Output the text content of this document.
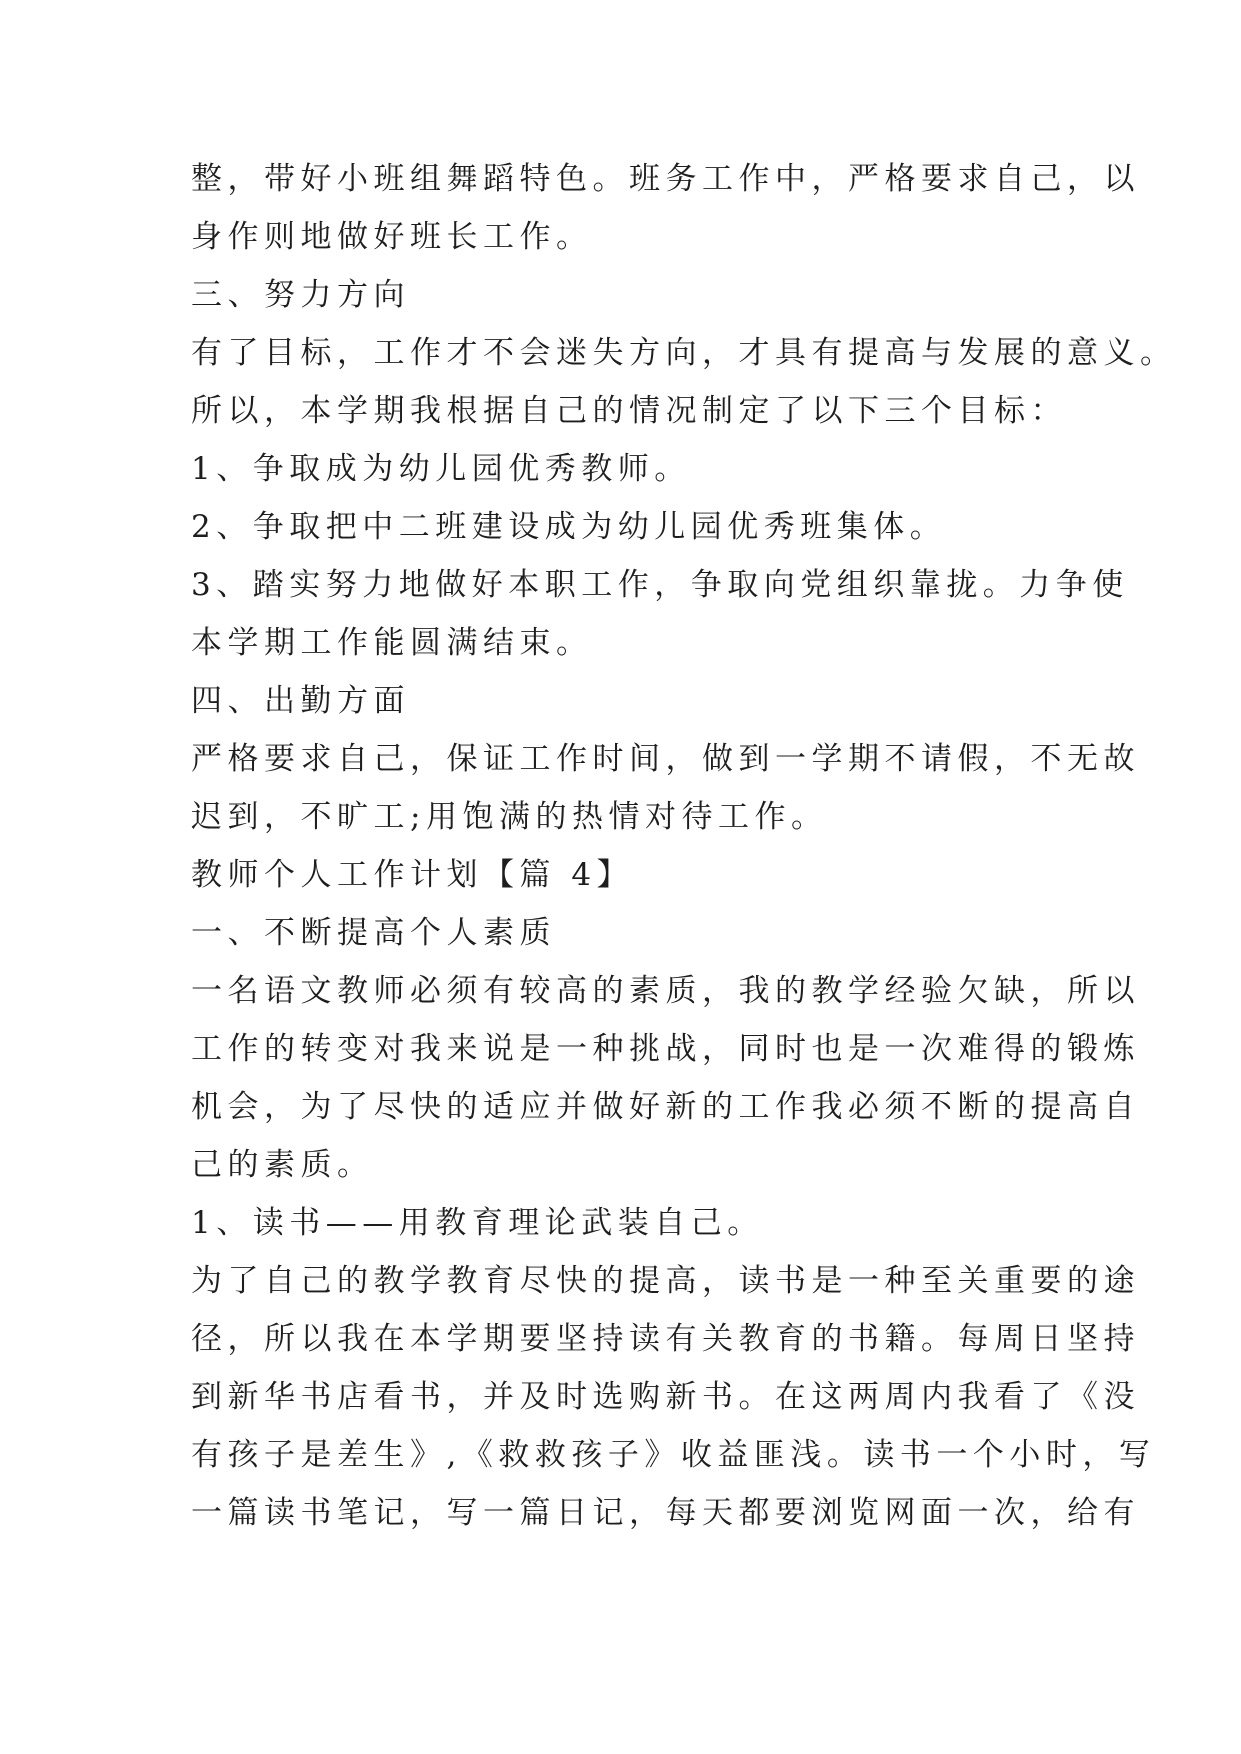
整，带好小班组舞蹈特色。班务工作中，严格要求自己，以
身作则地做好班长工作。
三、努力方向
有了目标，工作才不会迷失方向，才具有提高与发展的意义。
所以，本学期我根据自己的情况制定了以下三个目标：
1、争取成为幼儿园优秀教师。
2、争取把中二班建设成为幼儿园优秀班集体。
3、踏实努力地做好本职工作，争取向党组织靠拢。力争使
本学期工作能圆满结束。
四、出勤方面
严格要求自己，保证工作时间，做到一学期不请假，不无故
迟到，不旷工;用饱满的热情对待工作。
教师个人工作计划【篇 4】
一、不断提高个人素质
一名语文教师必须有较高的素质，我的教学经验欠缺，所以
工作的转变对我来说是一种挑战，同时也是一次难得的锻炼
机会，为了尽快的适应并做好新的工作我必须不断的提高自
己的素质。
1、读书——用教育理论武装自己。
为了自己的教学教育尽快的提高，读书是一种至关重要的途
径，所以我在本学期要坚持读有关教育的书籍。每周日坚持
到新华书店看书，并及时选购新书。在这两周内我看了《没
有孩子是差生》,《救救孩子》收益匪浅。读书一个小时，写
一篇读书笔记，写一篇日记，每天都要浏览网面一次，给有
